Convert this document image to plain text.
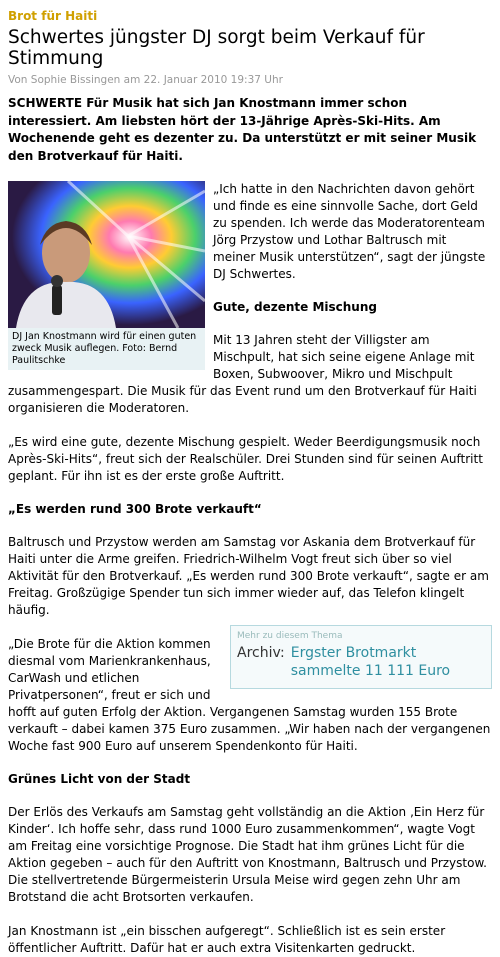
Brot für Haiti
Schwertes jüngster DJ sorgt beim Verkauf für Stimmung
Von Sophie Bissingen am 22. Januar 2010 19:37 Uhr

SCHWERTE Für Musik hat sich Jan Knostmann immer schon interessiert. Am liebsten hört der 13-Jährige Après-Ski-Hits. Am Wochenende geht es dezenter zu. Da unterstützt er mit seiner Musik den Brotverkauf für Haiti.

DJ Jan Knostmann wird für einen guten zweck Musik auflegen. Foto: Bernd Paulitschke

„Ich hatte in den Nachrichten davon gehört und finde es eine sinnvolle Sache, dort Geld zu spenden. Ich werde das Moderatorenteam Jörg Przystow und Lothar Baltrusch mit meiner Musik unterstützen“, sagt der jüngste DJ Schwertes.

Gute, dezente Mischung

Mit 13 Jahren steht der Villigster am Mischpult, hat sich seine eigene Anlage mit Boxen, Subwoover, Mikro und Mischpult zusammengespart. Die Musik für das Event rund um den Brotverkauf für Haiti organisieren die Moderatoren.

„Es wird eine gute, dezente Mischung gespielt. Weder Beerdigungsmusik noch Après-Ski-Hits“, freut sich der Realschüler. Drei Stunden sind für seinen Auftritt geplant. Für ihn ist es der erste große Auftritt.

„Es werden rund 300 Brote verkauft“

Baltrusch und Przystow werden am Samstag vor Askania dem Brotverkauf für Haiti unter die Arme greifen. Friedrich-Wilhelm Vogt freut sich über so viel Aktivität für den Brotverkauf. „Es werden rund 300 Brote verkauft“, sagte er am Freitag. Großzügige Spender tun sich immer wieder auf, das Telefon klingelt häufig.

Mehr zu diesem Thema
Archiv: Ergster Brotmarkt sammelte 11 111 Euro

„Die Brote für die Aktion kommen diesmal vom Marienkrankenhaus, CarWash und etlichen Privatpersonen“, freut er sich und hofft auf guten Erfolg der Aktion. Vergangenen Samstag wurden 155 Brote verkauft – dabei kamen 375 Euro zusammen. „Wir haben nach der vergangenen Woche fast 900 Euro auf unserem Spendenkonto für Haiti.

Grünes Licht von der Stadt

Der Erlös des Verkaufs am Samstag geht vollständig an die Aktion ‚Ein Herz für Kinder‘. Ich hoffe sehr, dass rund 1000 Euro zusammenkommen“, wagte Vogt am Freitag eine vorsichtige Prognose. Die Stadt hat ihm grünes Licht für die Aktion gegeben – auch für den Auftritt von Knostmann, Baltrusch und Przystow. Die stellvertretende Bürgermeisterin Ursula Meise wird gegen zehn Uhr am Brotstand die acht Brotsorten verkaufen.

Jan Knostmann ist „ein bisschen aufgeregt“. Schließlich ist es sein erster öffentlicher Auftritt. Dafür hat er auch extra Visitenkarten gedruckt.
